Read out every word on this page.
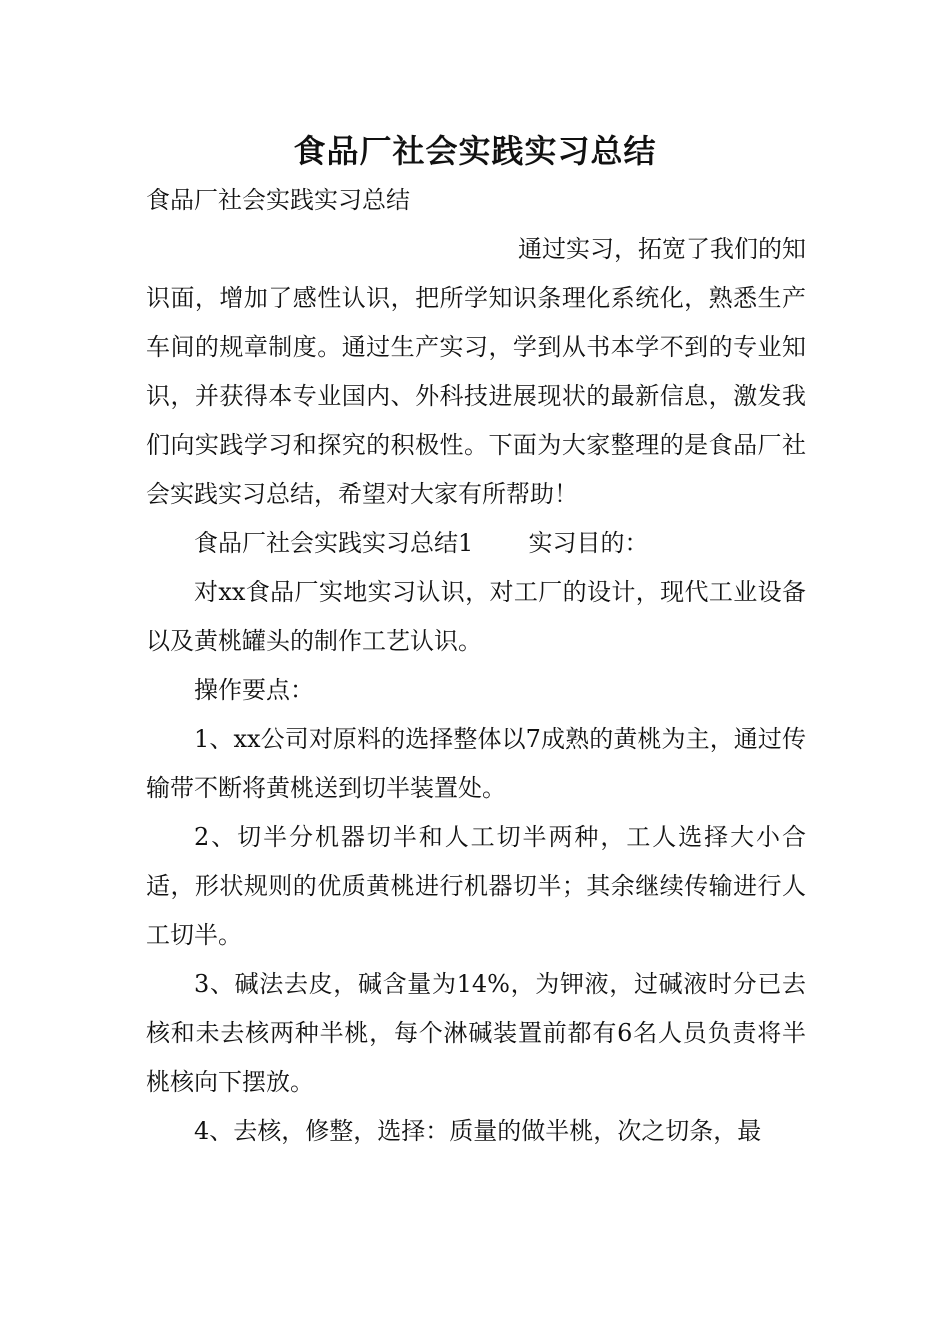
食品厂社会实践实习总结

食品厂社会实践实习总结

通过实习，拓宽了我们的知识面，增加了感性认识，把所学知识条理化系统化，熟悉生产车间的规章制度。通过生产实习，学到从书本学不到的专业知识，并获得本专业国内、外科技进展现状的最新信息，激发我们向实践学习和探究的积极性。下面为大家整理的是食品厂社会实践实习总结，希望对大家有所帮助！

食品厂社会实践实习总结1 实习目的：

对xx食品厂实地实习认识，对工厂的设计，现代工业设备以及黄桃罐头的制作工艺认识。

操作要点：

1、xx公司对原料的选择整体以7成熟的黄桃为主，通过传输带不断将黄桃送到切半装置处。

2、切半分机器切半和人工切半两种，工人选择大小合适，形状规则的优质黄桃进行机器切半；其余继续传输进行人工切半。

3、碱法去皮，碱含量为14%，为钾液，过碱液时分已去核和未去核两种半桃，每个淋碱装置前都有6名人员负责将半桃核向下摆放。

4、去核，修整，选择：质量的做半桃，次之切条，最
